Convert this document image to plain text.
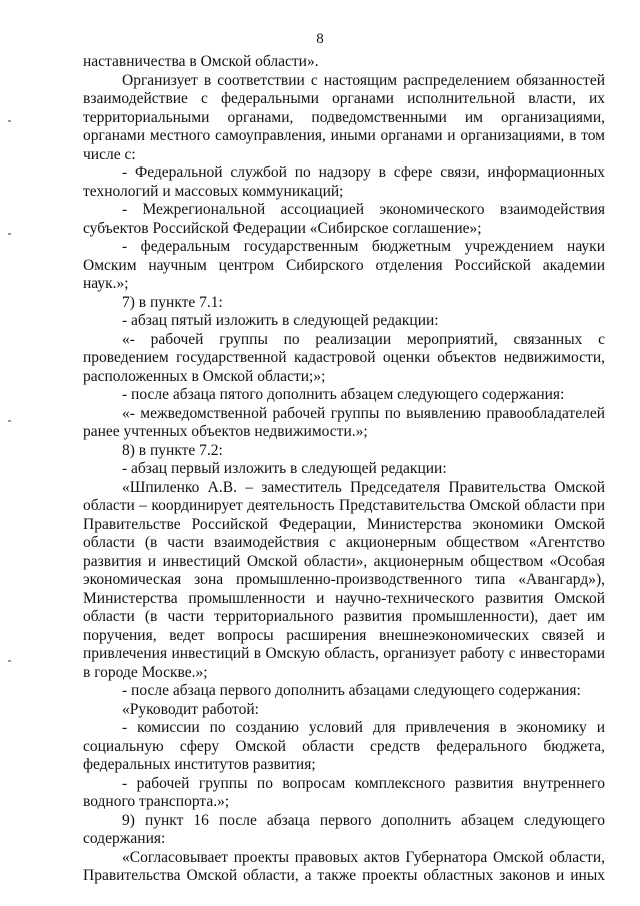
8

наставничества в Омской области».

Организует в соответствии с настоящим распределением обязанностей взаимодействие с федеральными органами исполнительной власти, их территориальными органами, подведомственными им организациями, органами местного самоуправления, иными органами и организациями, в том числе с:

- Федеральной службой по надзору в сфере связи, информационных технологий и массовых коммуникаций;

- Межрегиональной ассоциацией экономического взаимодействия субъектов Российской Федерации «Сибирское соглашение»;

- федеральным государственным бюджетным учреждением науки Омским научным центром Сибирского отделения Российской академии наук.»;

7) в пункте 7.1:

- абзац пятый изложить в следующей редакции:

«- рабочей группы по реализации мероприятий, связанных с проведением государственной кадастровой оценки объектов недвижимости, расположенных в Омской области;»;

- после абзаца пятого дополнить абзацем следующего содержания:

«- межведомственной рабочей группы по выявлению правообладателей ранее учтенных объектов недвижимости.»;

8) в пункте 7.2:

- абзац первый изложить в следующей редакции:

«Шпиленко А.В. – заместитель Председателя Правительства Омской области – координирует деятельность Представительства Омской области при Правительстве Российской Федерации, Министерства экономики Омской области (в части взаимодействия с акционерным обществом «Агентство развития и инвестиций Омской области», акционерным обществом «Особая экономическая зона промышленно-производственного типа «Авангард»), Министерства промышленности и научно-технического развития Омской области (в части территориального развития промышленности), дает им поручения, ведет вопросы расширения внешнеэкономических связей и привлечения инвестиций в Омскую область, организует работу с инвесторами в городе Москве.»;

- после абзаца первого дополнить абзацами следующего содержания:

«Руководит работой:

- комиссии по созданию условий для привлечения в экономику и социальную сферу Омской области средств федерального бюджета, федеральных институтов развития;

- рабочей группы по вопросам комплексного развития внутреннего водного транспорта.»;

9) пункт 16 после абзаца первого дополнить абзацем следующего содержания:

«Согласовывает проекты правовых актов Губернатора Омской области, Правительства Омской области, а также проекты областных законов и иных
